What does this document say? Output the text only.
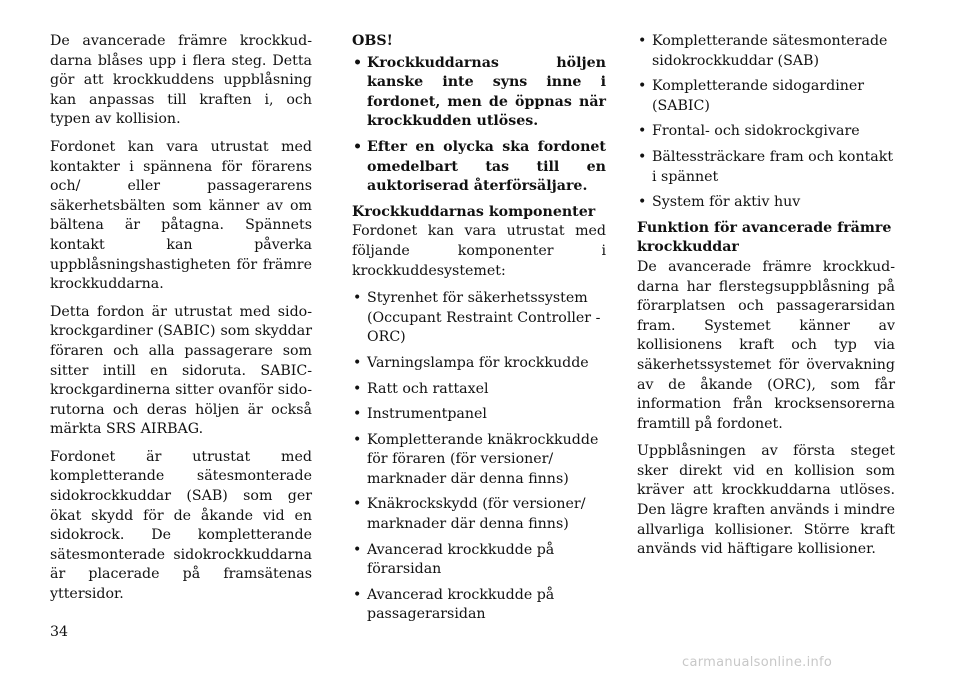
De avancerade främre krockkuddarna blåses upp i flera steg. Detta gör att krockkuddens uppblåsning kan anpassas till kraften i, och typen av kollision.

Fordonet kan vara utrustat med kontakter i spännena för förarens och/ eller passagerarens säkerhetsbälten som känner av om bältena är påtagna. Spännets kontakt kan påverka uppblåsningshastigheten för främre krockkuddarna.

Detta fordon är utrustat med sidokrockgardiner (SABIC) som skyddar föraren och alla passagerare som sitter intill en sidoruta. SABIC-krockgardinerna sitter ovanför sidorutorna och deras höljen är också märkta SRS AIRBAG.

Fordonet är utrustat med kompletterande sätesmonterade sidokrockkuddar (SAB) som ger ökat skydd för de åkande vid en sidokrock. De kompletterande sätesmonterade sidokrockkuddarna är placerade på framsätenas yttersidor.

OBS!
• Krockkuddarnas höljen kanske inte syns inne i fordonet, men de öppnas när krockkudden utlöses.
• Efter en olycka ska fordonet omedelbart tas till en auktoriserad återförsäljare.
Krockkuddarnas komponenter

Fordonet kan vara utrustat med följande komponenter i krockkuddesystemet:

• Styrenhet för säkerhetssystem (Occupant Restraint Controller - ORC)
• Varningslampa för krockkudde
• Ratt och rattaxel
• Instrumentpanel
• Kompletterande knäkrockkudde för föraren (för versioner/ marknader där denna finns)
• Knäkrockskydd (för versioner/ marknader där denna finns)
• Avancerad krockkudde på förarsidan
• Avancerad krockkudde på passagerarsidan
• Kompletterande sätesmonterade sidokrockkuddar (SAB)
• Kompletterande sidogardiner (SABIC)
• Frontal- och sidokrockgivare
• Bältessträckare fram och kontakt i spännet
• System för aktiv huv
Funktion för avancerade främre krockkuddar

De avancerade främre krockkuddarna har flerstegsuppblåsning på förarplatsen och passagerarsidan fram. Systemet känner av kollisionens kraft och typ via säkerhetssystemet för övervakning av de åkande (ORC), som får information från krocksensorerna framtill på fordonet.

Uppblåsningen av första steget sker direkt vid en kollision som kräver att krockkuddarna utlöses. Den lägre kraften används i mindre allvarliga kollisioner. Större kraft används vid häftigare kollisioner.

34
carmanualsonline.info
